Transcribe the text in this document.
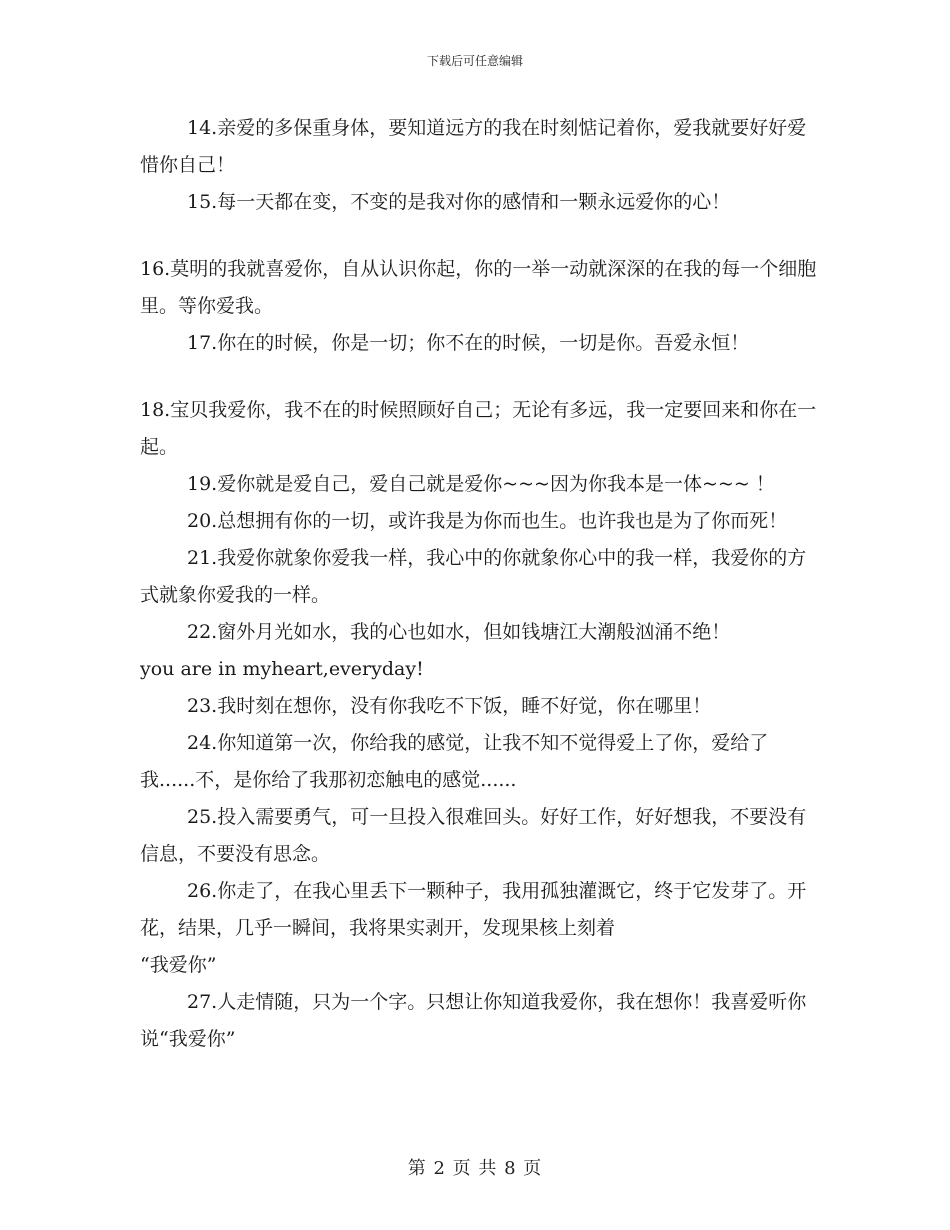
下载后可任意编辑

14.亲爱的多保重身体，要知道远方的我在时刻惦记着你，爱我就要好好爱惜你自己！

15.每一天都在变，不变的是我对你的感情和一颗永远爱你的心！

16.莫明的我就喜爱你，自从认识你起，你的一举一动就深深的在我的每一个细胞里。等你爱我。

17.你在的时候，你是一切；你不在的时候，一切是你。吾爱永恒！

18.宝贝我爱你，我不在的时候照顾好自己；无论有多远，我一定要回来和你在一起。

19.爱你就是爱自己，爱自己就是爱你~~~因为你我本是一体~~~ ！

20.总想拥有你的一切，或许我是为你而也生。也许我也是为了你而死！

21.我爱你就象你爱我一样，我心中的你就象你心中的我一样，我爱你的方式就象你爱我的一样。

22.窗外月光如水，我的心也如水，但如钱塘江大潮般汹涌不绝！

you are in myheart,everyday!

23.我时刻在想你，没有你我吃不下饭，睡不好觉，你在哪里！

24.你知道第一次，你给我的感觉，让我不知不觉得爱上了你，爱给了我......不，是你给了我那初恋触电的感觉......

25.投入需要勇气，可一旦投入很难回头。好好工作，好好想我，不要没有信息，不要没有思念。

26.你走了，在我心里丢下一颗种子，我用孤独灌溉它，终于它发芽了。开花，结果，几乎一瞬间，我将果实剥开，发现果核上刻着

“我爱你”

27.人走情随，只为一个字。只想让你知道我爱你，我在想你！我喜爱听你说“我爱你”

第 2 页 共 8 页
